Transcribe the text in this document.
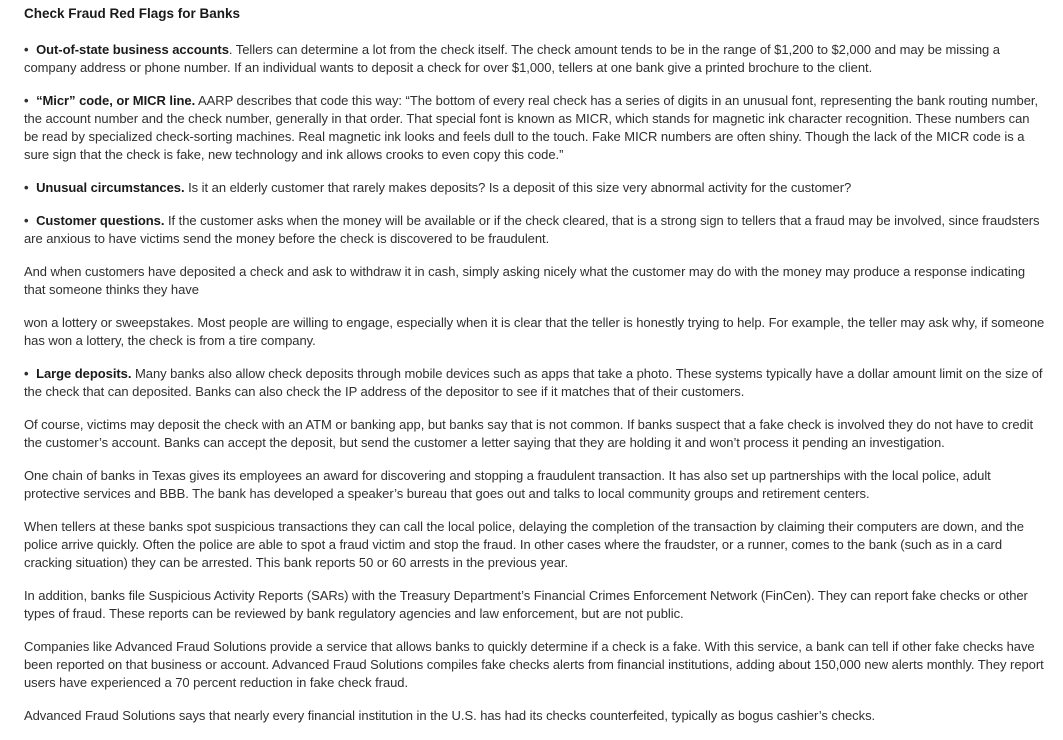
Check Fraud Red Flags for Banks

• Out-of-state business accounts. Tellers can determine a lot from the check itself. The check amount tends to be in the range of $1,200 to $2,000 and may be missing a company address or phone number. If an individual wants to deposit a check for over $1,000, tellers at one bank give a printed brochure to the client.

• “Micr” code, or MICR line. AARP describes that code this way: “The bottom of every real check has a series of digits in an unusual font, representing the bank routing number, the account number and the check number, generally in that order. That special font is known as MICR, which stands for magnetic ink character recognition. These numbers can be read by specialized check-sorting machines. Real magnetic ink looks and feels dull to the touch. Fake MICR numbers are often shiny. Though the lack of the MICR code is a sure sign that the check is fake, new technology and ink allows crooks to even copy this code.”

• Unusual circumstances. Is it an elderly customer that rarely makes deposits? Is a deposit of this size very abnormal activity for the customer?

• Customer questions. If the customer asks when the money will be available or if the check cleared, that is a strong sign to tellers that a fraud may be involved, since fraudsters are anxious to have victims send the money before the check is discovered to be fraudulent.

And when customers have deposited a check and ask to withdraw it in cash, simply asking nicely what the customer may do with the money may produce a response indicating that someone thinks they have

won a lottery or sweepstakes. Most people are willing to engage, especially when it is clear that the teller is honestly trying to help. For example, the teller may ask why, if someone has won a lottery, the check is from a tire company.

• Large deposits. Many banks also allow check deposits through mobile devices such as apps that take a photo. These systems typically have a dollar amount limit on the size of the check that can deposited. Banks can also check the IP address of the depositor to see if it matches that of their customers.

Of course, victims may deposit the check with an ATM or banking app, but banks say that is not common. If banks suspect that a fake check is involved they do not have to credit the customer’s account. Banks can accept the deposit, but send the customer a letter saying that they are holding it and won’t process it pending an investigation.

One chain of banks in Texas gives its employees an award for discovering and stopping a fraudulent transaction. It has also set up partnerships with the local police, adult protective services and BBB. The bank has developed a speaker’s bureau that goes out and talks to local community groups and retirement centers.

When tellers at these banks spot suspicious transactions they can call the local police, delaying the completion of the transaction by claiming their computers are down, and the police arrive quickly. Often the police are able to spot a fraud victim and stop the fraud. In other cases where the fraudster, or a runner, comes to the bank (such as in a card cracking situation) they can be arrested. This bank reports 50 or 60 arrests in the previous year.

In addition, banks file Suspicious Activity Reports (SARs) with the Treasury Department’s Financial Crimes Enforcement Network (FinCen). They can report fake checks or other types of fraud. These reports can be reviewed by bank regulatory agencies and law enforcement, but are not public.

Companies like Advanced Fraud Solutions provide a service that allows banks to quickly determine if a check is a fake. With this service, a bank can tell if other fake checks have been reported on that business or account. Advanced Fraud Solutions compiles fake checks alerts from financial institutions, adding about 150,000 new alerts monthly. They report users have experienced a 70 percent reduction in fake check fraud.

Advanced Fraud Solutions says that nearly every financial institution in the U.S. has had its checks counterfeited, typically as bogus cashier’s checks.
